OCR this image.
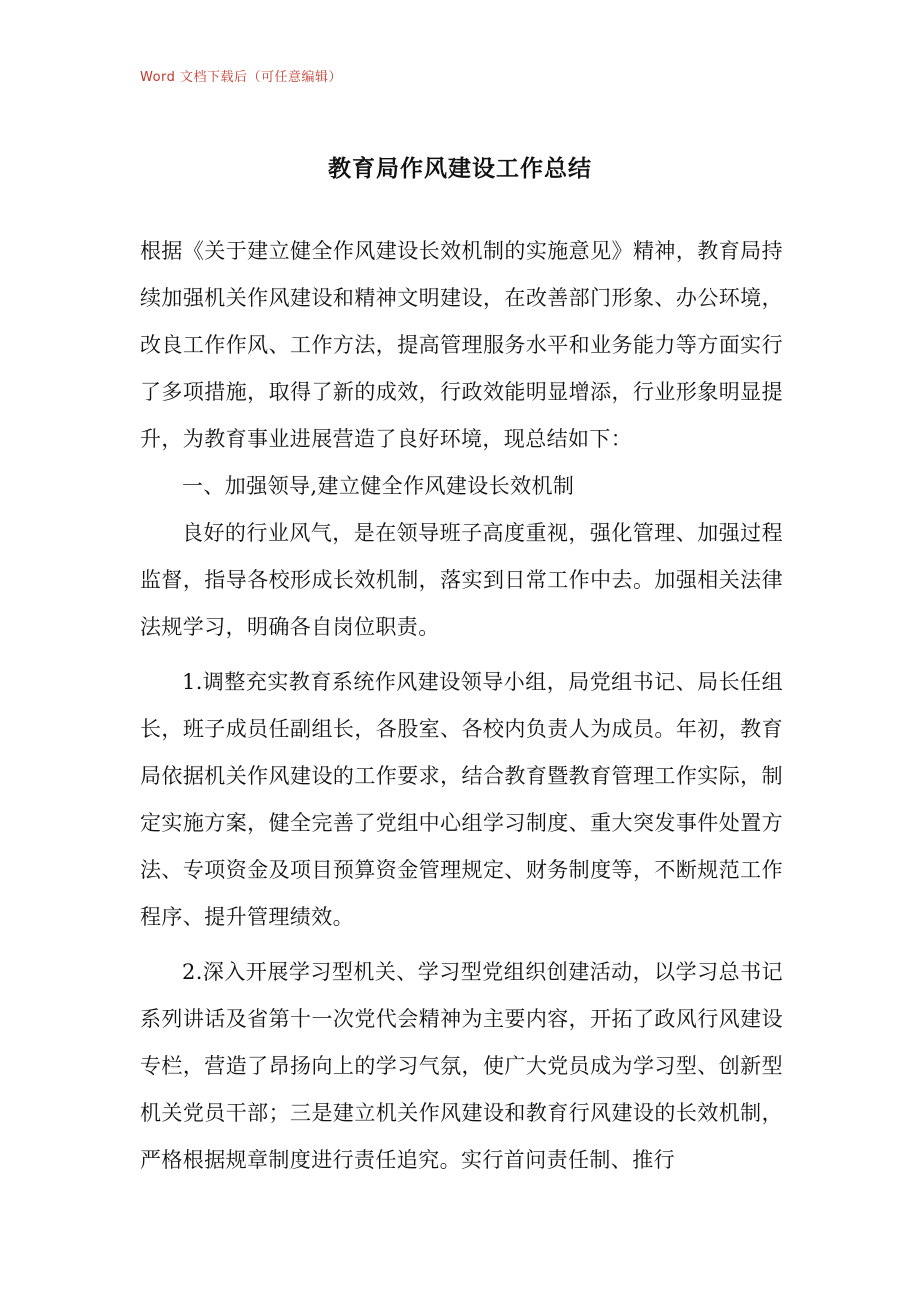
Word 文档下载后（可任意编辑）
教育局作风建设工作总结

根据《关于建立健全作风建设长效机制的实施意见》精神，教育局持续加强机关作风建设和精神文明建设，在改善部门形象、办公环境，改良工作作风、工作方法，提高管理服务水平和业务能力等方面实行了多项措施，取得了新的成效，行政效能明显增添，行业形象明显提升，为教育事业进展营造了良好环境，现总结如下：

一、加强领导,建立健全作风建设长效机制

良好的行业风气，是在领导班子高度重视，强化管理、加强过程监督，指导各校形成长效机制，落实到日常工作中去。加强相关法律法规学习，明确各自岗位职责。

1.调整充实教育系统作风建设领导小组，局党组书记、局长任组长，班子成员任副组长，各股室、各校内负责人为成员。年初，教育局依据机关作风建设的工作要求，结合教育暨教育管理工作实际，制定实施方案，健全完善了党组中心组学习制度、重大突发事件处置方法、专项资金及项目预算资金管理规定、财务制度等，不断规范工作程序、提升管理绩效。

2.深入开展学习型机关、学习型党组织创建活动，以学习总书记系列讲话及省第十一次党代会精神为主要内容，开拓了政风行风建设专栏，营造了昂扬向上的学习气氛，使广大党员成为学习型、创新型机关党员干部；三是建立机关作风建设和教育行风建设的长效机制，严格根据规章制度进行责任追究。实行首问责任制、推行
